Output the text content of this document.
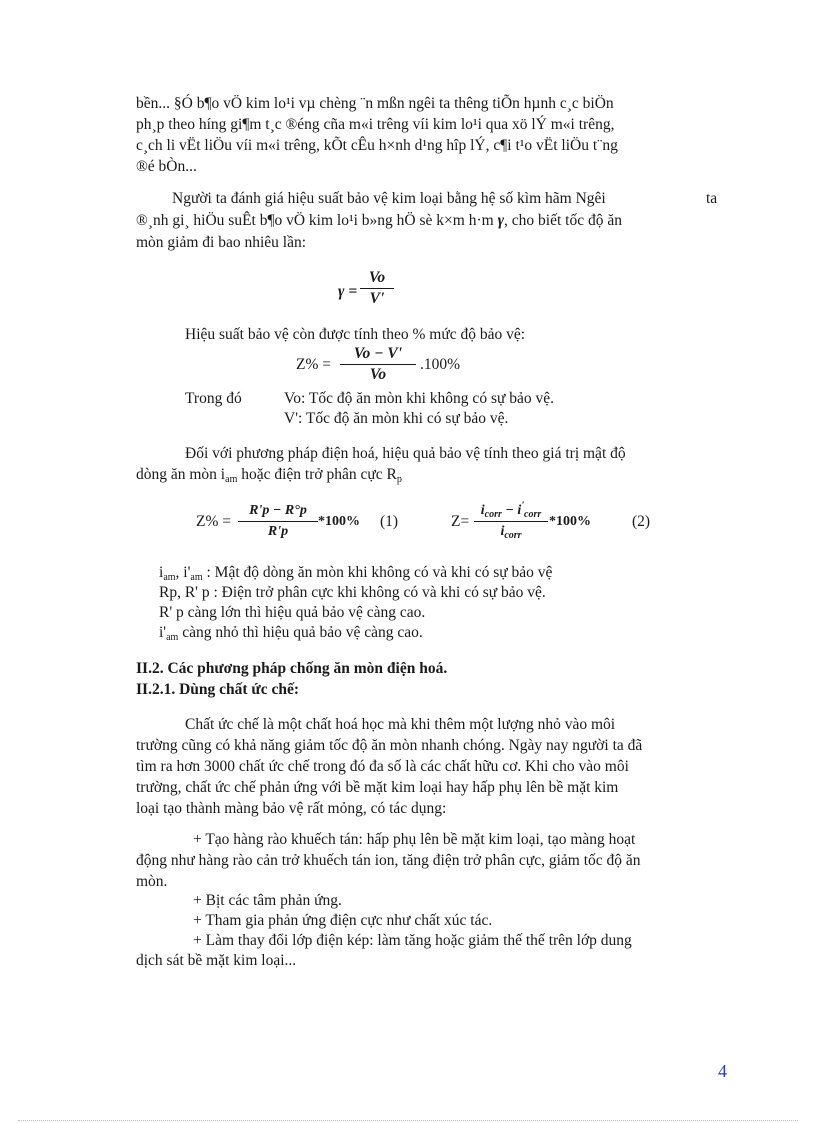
bền... §Ó b¶o vÖ kim lo¹i vµ chèng ¨n mßn ngêi ta thêng tiÕn hµnh c¸c biÖn
ph¸p theo híng gi¶m t¸c ®éng cña m«i trêng víi kim lo¹i qua xö lÝ m«i trêng,
c¸ch li vËt liÖu víi m«i trêng, kÕt cÊu h×nh d¹ng hîp lÝ, c¶i t¹o vËt liÖu t¨ng
®é bÒn...
Người ta đánh giá hiệu suất bảo vệ kim loại bằng hệ số kìm hãm Ngêi	ta
®¸nh gi¸ hiÖu suÊt b¶o vÖ kim lo¹i b»ng hÖ sè k×m h·m γ, cho biết tốc độ ăn
mòn giảm đi bao nhiêu lần:
$\gamma = \frac{Vo}{V'}$
Hiệu suất bảo vệ còn được tính theo % mức độ bảo vệ:
$Z\% = \frac{Vo - V'}{Vo} .100\%$
Trong đó	Vo: Tốc độ ăn mòn khi không có sự bảo vệ.
V': Tốc độ ăn mòn khi có sự bảo vệ.
Đối với phương pháp điện hoá, hiệu quả bảo vệ tính theo giá trị mật độ
dòng ăn mòn $i_{am}$ hoặc điện trở phân cực $R_p$
$Z\% = \frac{R'p - R^\circ p}{R'p} *100\%$ (1)	Z=
$i_{corr} - i'_{corr}$
$i_{corr}$
*100%	(2)
$i_{am}$, $i'_{am}$ : Mật độ dòng ăn mòn khi không có và khi có sự bảo vệ
Rp, R' p : Điện trở phân cực khi không có và khi có sự bảo vệ.
R' p càng lớn thì hiệu quả bảo vệ càng cao.
$i'_{am}$ càng nhỏ thì hiệu quả bảo vệ càng cao.
II.2. Các phương pháp chống ăn mòn điện hoá.
II.2.1. Dùng chất ức chế:
Chất ức chế là một chất hoá học mà khi thêm một lượng nhỏ vào môi
trường cũng có khả năng giảm tốc độ ăn mòn nhanh chóng. Ngày nay người ta đã
tìm ra hơn 3000 chất ức chế trong đó đa số là các chất hữu cơ. Khi cho vào môi
trường, chất ức chế phản ứng với bề mặt kim loại hay hấp phụ lên bề mặt kim
loại tạo thành màng bảo vệ rất mỏng, có tác dụng:
+ Tạo hàng rào khuếch tán: hấp phụ lên bề mặt kim loại, tạo màng hoạt
động như hàng rào cản trở khuếch tán ion, tăng điện trở phân cực, giảm tốc độ ăn
mòn.
+ Bịt các tâm phản ứng.
+ Tham gia phản ứng điện cực như chất xúc tác.
+ Làm thay đổi lớp điện kép: làm tăng hoặc giảm thế thế trên lớp dung
dịch sát bề mặt kim loại...
4
